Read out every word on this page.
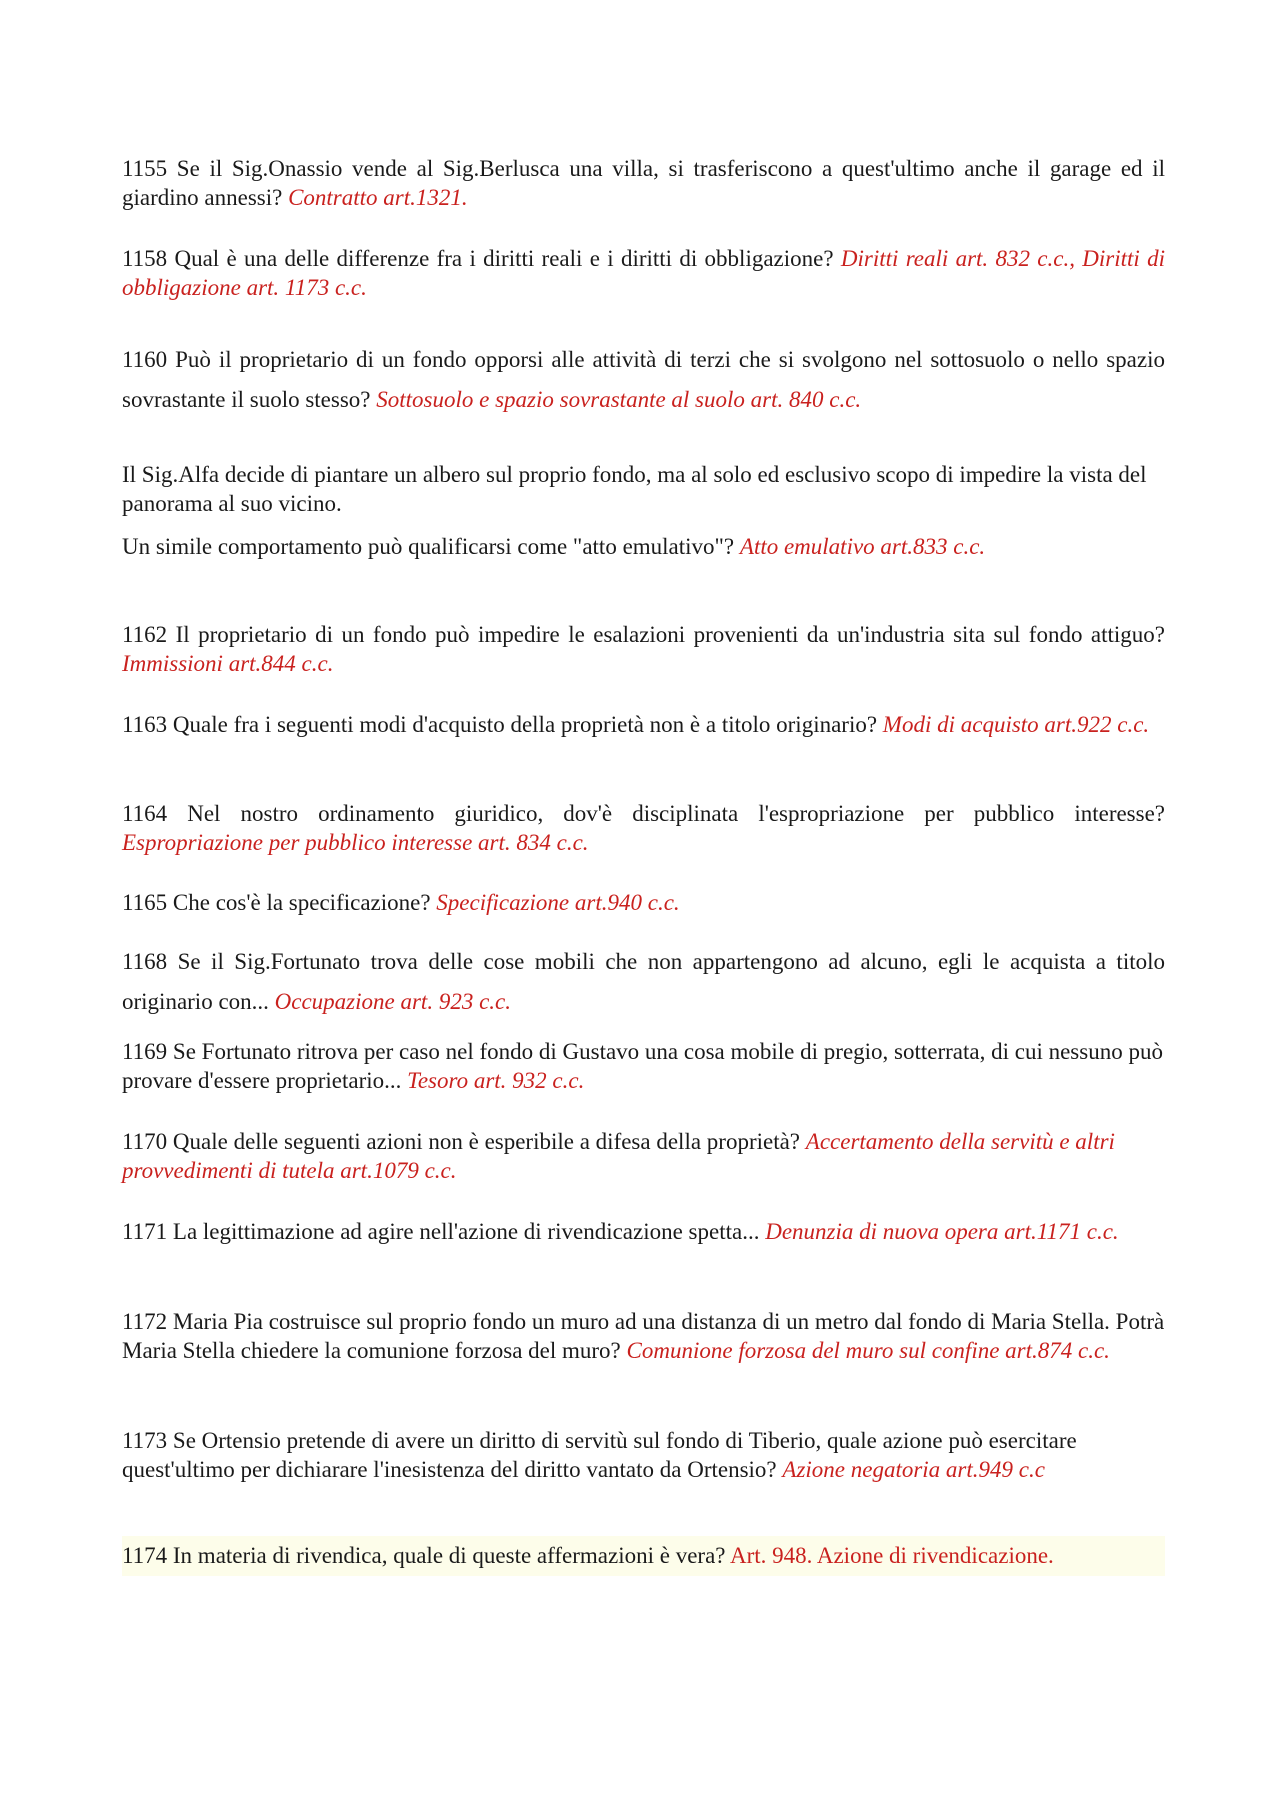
1155 Se il Sig.Onassio vende al Sig.Berlusca una villa, si trasferiscono a quest'ultimo anche il garage ed il giardino annessi? Contratto art.1321.

1158 Qual è una delle differenze fra i diritti reali e i diritti di obbligazione? Diritti reali art. 832 c.c., Diritti di obbligazione art. 1173 c.c.

1160 Può il proprietario di un fondo opporsi alle attività di terzi che si svolgono nel sottosuolo o nello spazio sovrastante il suolo stesso? Sottosuolo e spazio sovrastante al suolo art. 840 c.c.

Il Sig.Alfa decide di piantare un albero sul proprio fondo, ma al solo ed esclusivo scopo di impedire la vista del panorama al suo vicino.

Un simile comportamento può qualificarsi come "atto emulativo"? Atto emulativo art.833 c.c.

1162 Il proprietario di un fondo può impedire le esalazioni provenienti da un'industria sita sul fondo attiguo? Immissioni art.844 c.c.

1163 Quale fra i seguenti modi d'acquisto della proprietà non è a titolo originario? Modi di acquisto art.922 c.c.

1164 Nel nostro ordinamento giuridico, dov'è disciplinata l'espropriazione per pubblico interesse? Espropriazione per pubblico interesse art. 834 c.c.

1165 Che cos'è la specificazione? Specificazione art.940 c.c.

1168 Se il Sig.Fortunato trova delle cose mobili che non appartengono ad alcuno, egli le acquista a titolo originario con... Occupazione art. 923 c.c.

1169 Se Fortunato ritrova per caso nel fondo di Gustavo una cosa mobile di pregio, sotterrata, di cui nessuno può provare d'essere proprietario... Tesoro art. 932 c.c.

1170 Quale delle seguenti azioni non è esperibile a difesa della proprietà? Accertamento della servitù e altri provvedimenti di tutela art.1079 c.c.

1171 La legittimazione ad agire nell'azione di rivendicazione spetta... Denunzia di nuova opera art.1171 c.c.

1172 Maria Pia costruisce sul proprio fondo un muro ad una distanza di un metro dal fondo di Maria Stella. Potrà Maria Stella chiedere la comunione forzosa del muro? Comunione forzosa del muro sul confine art.874 c.c.

1173 Se Ortensio pretende di avere un diritto di servitù sul fondo di Tiberio, quale azione può esercitare quest'ultimo per dichiarare l'inesistenza del diritto vantato da Ortensio? Azione negatoria art.949 c.c

1174 In materia di rivendica, quale di queste affermazioni è vera? Art. 948. Azione di rivendicazione.
